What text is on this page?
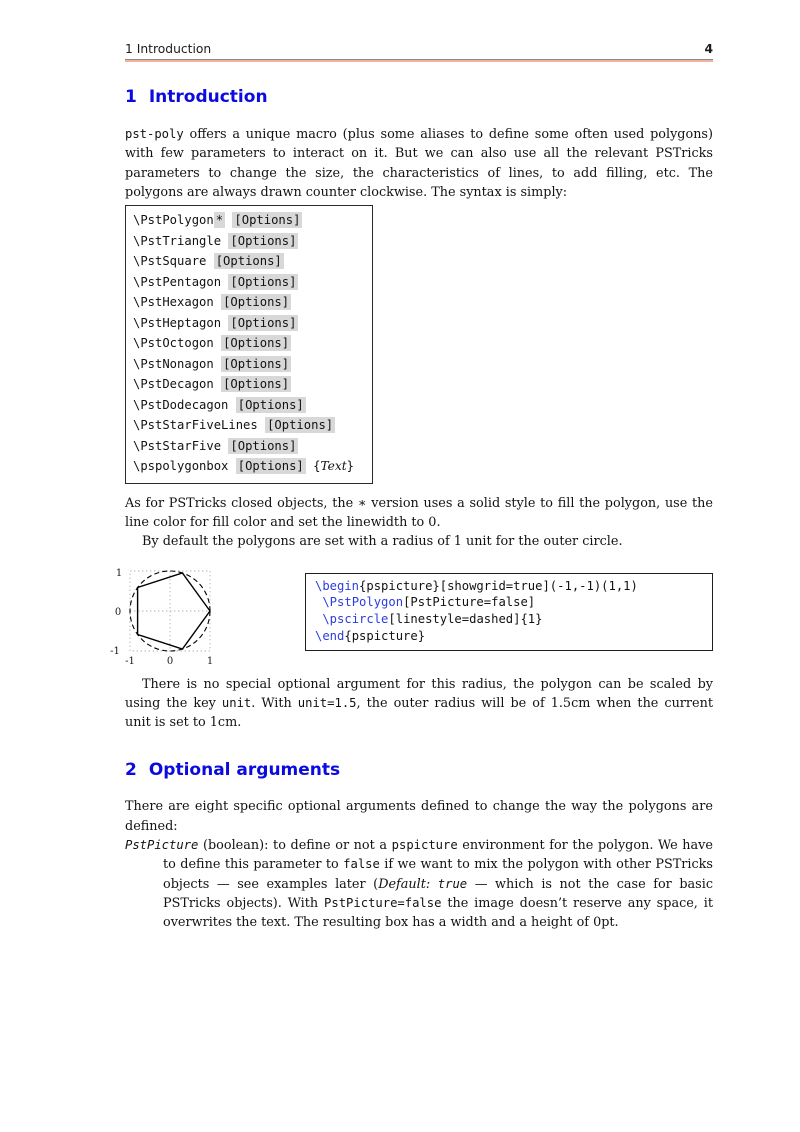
1 Introduction	4
1 Introduction

pst-poly offers a unique macro (plus some aliases to define some often used polygons) with few parameters to interact on it. But we can also use all the relevant PSTricks parameters to change the size, the characteristics of lines, to add filling, etc. The polygons are always drawn counter clockwise. The syntax is simply:

\PstPolygon * [Options]
\PstTriangle [Options]
\PstSquare [Options]
\PstPentagon [Options]
\PstHexagon [Options]
\PstHeptagon [Options]
\PstOctogon [Options]
\PstNonagon [Options]
\PstDecagon [Options]
\PstDodecagon [Options]
\PstStarFiveLines [Options]
\PstStarFive [Options]
\pspolygonbox [Options] {Text}

As for PSTricks closed objects, the ∗ version uses a solid style to fill the polygon, use the line color for fill color and set the linewidth to 0.

By default the polygons are set with a radius of 1 unit for the outer circle.

1
0
-1
-1	0	1
\begin{pspicture}[showgrid=true](-1,-1)(1,1)
\PstPolygon[PstPicture=false]
\pscircle[linestyle=dashed]{1}
\end{pspicture}

There is no special optional argument for this radius, the polygon can be scaled by using the key unit. With unit=1.5, the outer radius will be of 1.5cm when the current unit is set to 1cm.

2 Optional arguments

There are eight specific optional arguments defined to change the way the polygons are defined:

PstPicture (boolean): to define or not a pspicture environment for the polygon. We have to define this parameter to false if we want to mix the polygon with other PSTricks objects — see examples later (Default: true — which is not the case for basic PSTricks objects). With PstPicture=false the image doesn’t reserve any space, it overwrites the text. The resulting box has a width and a height of 0pt.
